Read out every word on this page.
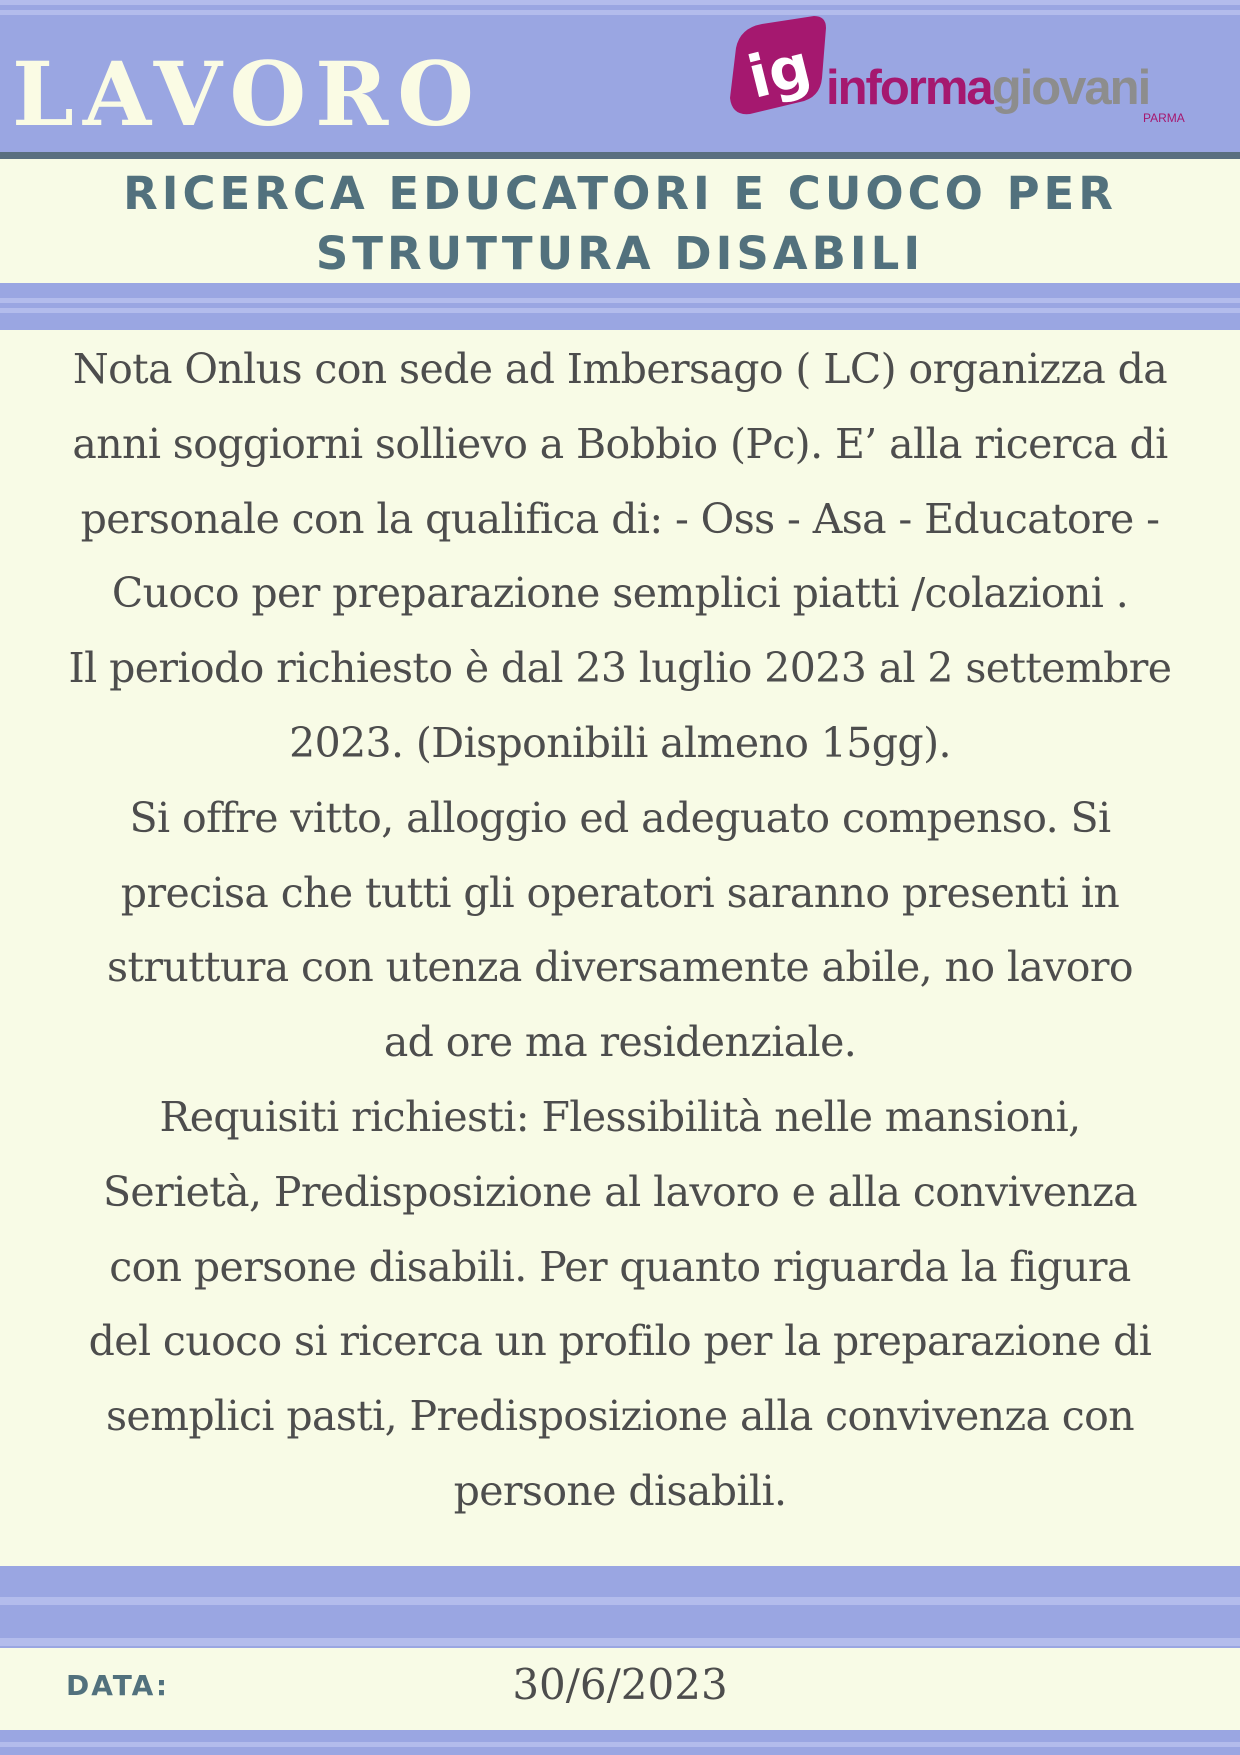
LAVORO	ig informagiovani
PARMA
RICERCA EDUCATORI E CUOCO PER
STRUTTURA DISABILI
Nota Onlus con sede ad Imbersago ( LC) organizza da
anni soggiorni sollievo a Bobbio (Pc). E’ alla ricerca di
personale con la qualifica di: - Oss - Asa - Educatore -
Cuoco per preparazione semplici piatti /colazioni .
Il periodo richiesto è dal 23 luglio 2023 al 2 settembre
2023. (Disponibili almeno 15gg).
Si offre vitto, alloggio ed adeguato compenso. Si
precisa che tutti gli operatori saranno presenti in
struttura con utenza diversamente abile, no lavoro
ad ore ma residenziale.
Requisiti richiesti: Flessibilità nelle mansioni,
Serietà, Predisposizione al lavoro e alla convivenza
con persone disabili. Per quanto riguarda la figura
del cuoco si ricerca un profilo per la preparazione di
semplici pasti, Predisposizione alla convivenza con
persone disabili.
DATA:	30/6/2023
